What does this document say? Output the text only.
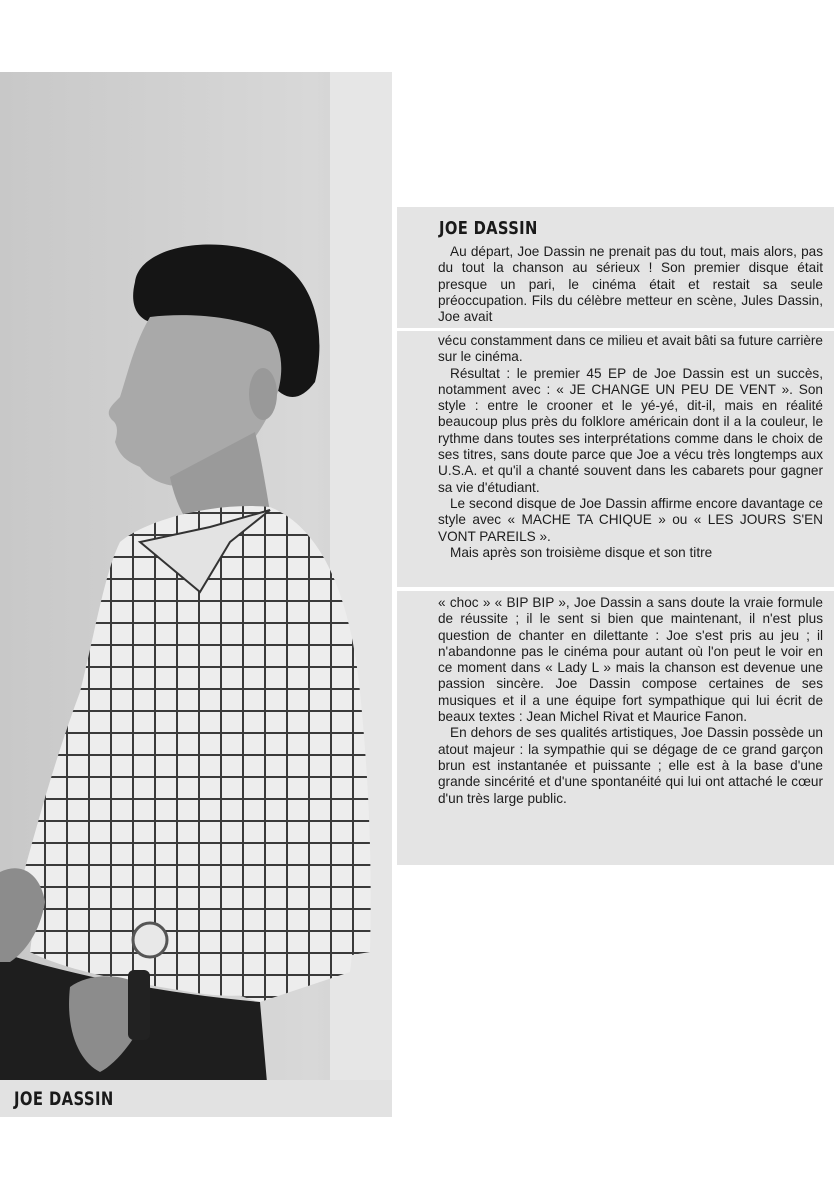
JOE DASSIN
JOE DASSIN

Au départ, Joe Dassin ne prenait pas du tout, mais alors, pas du tout la chanson au sérieux ! Son premier disque était presque un pari, le cinéma était et restait sa seule préoccupation. Fils du célèbre metteur en scène, Jules Dassin, Joe avait

vécu constamment dans ce milieu et avait bâti sa future carrière sur le cinéma.

Résultat : le premier 45 EP de Joe Dassin est un succès, notamment avec : « JE CHANGE UN PEU DE VENT ». Son style : entre le crooner et le yé-yé, dit-il, mais en réalité beaucoup plus près du folklore américain dont il a la couleur, le rythme dans toutes ses interprétations comme dans le choix de ses titres, sans doute parce que Joe a vécu très longtemps aux U.S.A. et qu'il a chanté souvent dans les cabarets pour gagner sa vie d'étudiant.

Le second disque de Joe Dassin affirme encore davantage ce style avec « MACHE TA CHIQUE » ou « LES JOURS S'EN VONT PAREILS ».

Mais après son troisième disque et son titre

« choc » « BIP BIP », Joe Dassin a sans doute la vraie formule de réussite ; il le sent si bien que maintenant, il n'est plus question de chanter en dilettante : Joe s'est pris au jeu ; il n'abandonne pas le cinéma pour autant où l'on peut le voir en ce moment dans « Lady L » mais la chanson est devenue une passion sincère. Joe Dassin compose certaines de ses musiques et il a une équipe fort sympathique qui lui écrit de beaux textes : Jean Michel Rivat et Maurice Fanon.

En dehors de ses qualités artistiques, Joe Dassin possède un atout majeur : la sympathie qui se dégage de ce grand garçon brun est instantanée et puissante ; elle est à la base d'une grande sincérité et d'une spontanéité qui lui ont attaché le cœur d'un très large public.
